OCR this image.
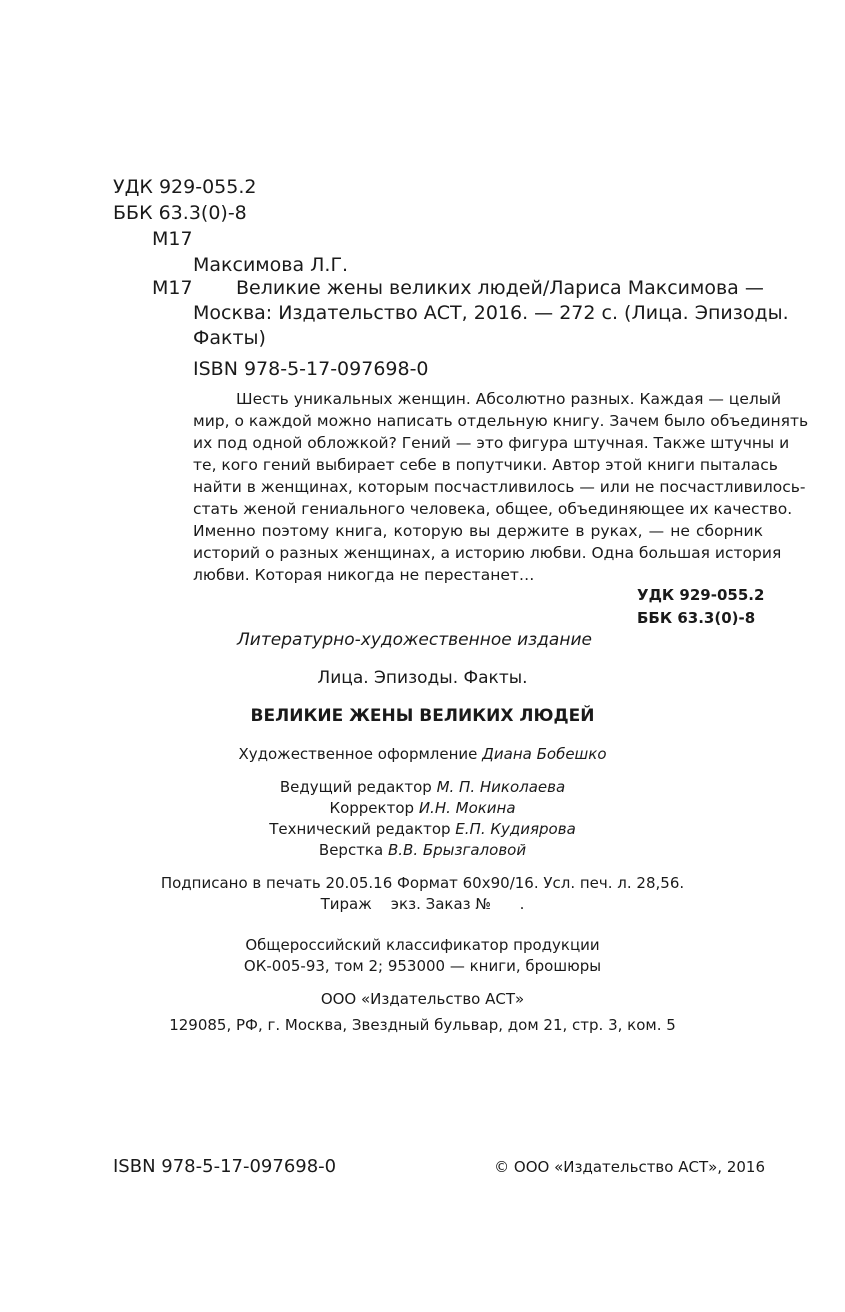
УДК 929-055.2
ББК 63.3(0)-8
М17
Максимова Л.Г.
М17 Великие жены великих людей/Лариса Максимова —
Москва: Издательство АСТ, 2016. — 272 с. (Лица. Эпизоды.
Факты)
ISBN 978-5-17-097698-0
Шесть уникальных женщин. Абсолютно разных. Каждая — целый
мир, о каждой можно написать отдельную книгу. Зачем было объединять
их под одной обложкой? Гений — это фигура штучная. Также штучны и
те, кого гений выбирает себе в попутчики. Автор этой книги пыталась
найти в женщинах, которым посчастливилось — или не посчастливилось-
стать женой гениального человека, общее, объединяющее их качество.
Именно поэтому книга, которую вы держите в руках, — не сборник
историй о разных женщинах, а историю любви. Одна большая история
любви. Которая никогда не перестанет…
УДК 929-055.2
ББК 63.3(0)-8
Литературно-художественное издание
Лица. Эпизоды. Факты.
ВЕЛИКИЕ ЖЕНЫ ВЕЛИКИХ ЛЮДЕЙ
Художественное оформление Диана Бобешко
Ведущий редактор М. П. Николаева
Корректор И.Н. Мокина
Технический редактор Е.П. Кудиярова
Верстка В.В. Брызгаловой
Подписано в печать 20.05.16 Формат 60x90/16. Усл. печ. л. 28,56.
Тираж    экз. Заказ №      .
Общероссийский классификатор продукции
ОК-005-93, том 2; 953000 — книги, брошюры
ООО «Издательство АСТ»
129085, РФ, г. Москва, Звездный бульвар, дом 21, стр. 3, ком. 5
ISBN 978-5-17-097698-0	© ООО «Издательство АСТ», 2016
